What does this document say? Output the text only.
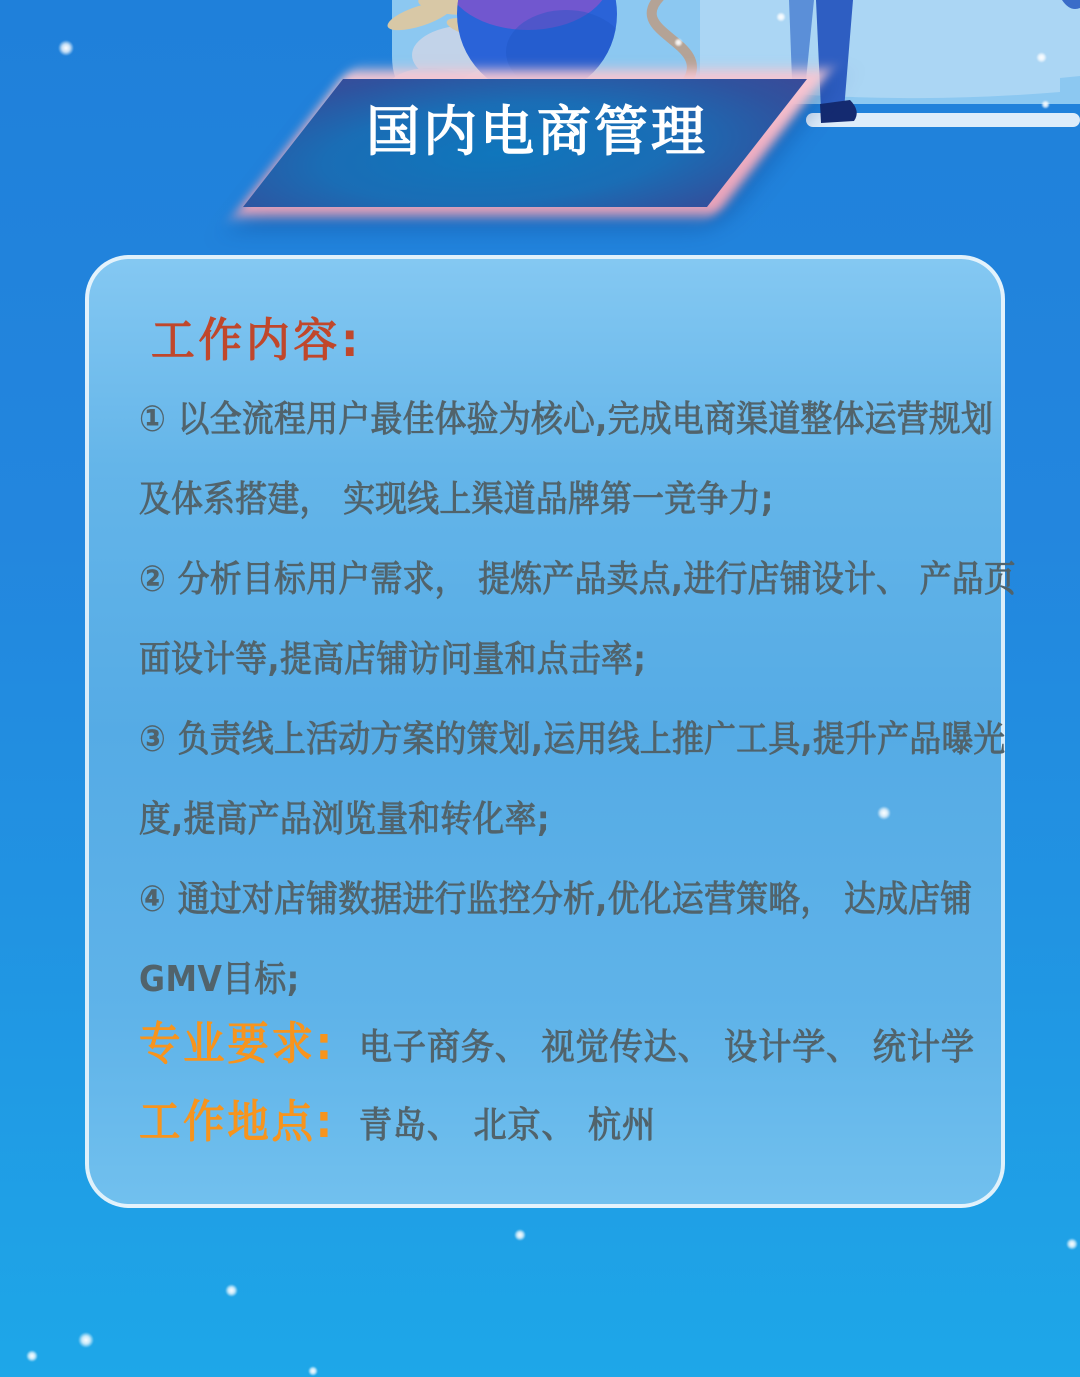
国内电商管理
工作内容:
① 以全流程用户最佳体验为核心,完成电商渠道整体运营规划
及体系搭建， 实现线上渠道品牌第一竞争力;
② 分析目标用户需求， 提炼产品卖点,进行店铺设计、 产品页
面设计等,提高店铺访问量和点击率;
③ 负责线上活动方案的策划,运用线上推广工具,提升产品曝光
度,提高产品浏览量和转化率;
④ 通过对店铺数据进行监控分析,优化运营策略， 达成店铺
GMV目标;
专业要求: 电子商务、 视觉传达、 设计学、 统计学
工作地点: 青岛、 北京、 杭州
